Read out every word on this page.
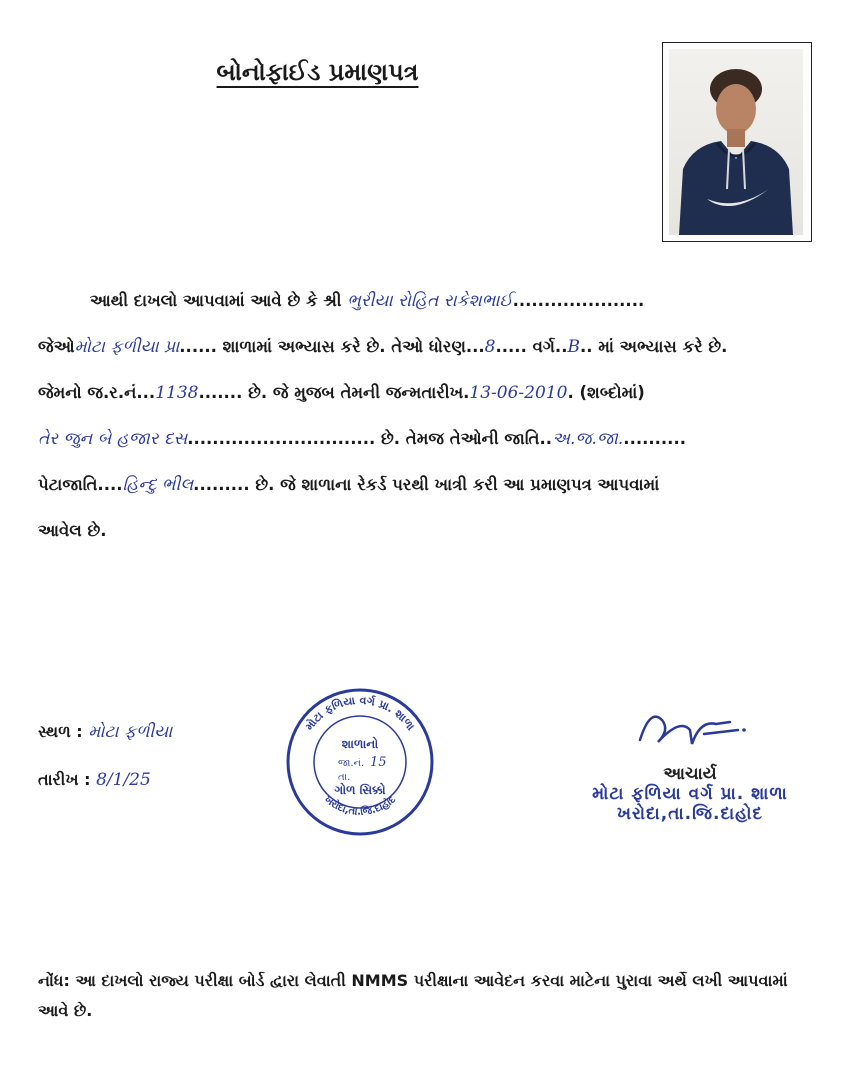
બોનોફાઈડ પ્રમાણપત્ર
આથી દાખલો આપવામાં આવે છે કે શ્રી ભુરીયા રોહિત રાકેશભાઈ.....................
જેઓમોટા ફળીયા પ્રા...... શાળામાં અભ્યાસ કરે છે. તેઓ ધોરણ...8..... વર્ગ..B.. માં અભ્યાસ કરે છે.
જેમનો જ.ર.નં...1138....... છે. જે મુજબ તેમની જન્મતારીખ.13-06-2010. (શબ્દોમાં)
તેર જુન બે હજાર દસ.............................. છે. તેમજ તેઓની જાતિ..અ.જ.જા...........
પેટાજાતિ....હિન્દુ ભીલ......... છે. જે શાળાના રેકર્ડ પરથી ખાત્રી કરી આ પ્રમાણપત્ર આપવામાં
આવેલ છે.
સ્થળ : મોટા ફળીયા
તારીખ : 8/1/25
મોટા ફળિયા વર્ગ પ્રા. શાળા
ખરોદા,તા.જિ.દાહોદ
શાળાનો
જા.નં. 15
તા.
ગોળ સિક્કો
આચાર્ય
મોટા ફળિયા વર્ગ પ્રા. શાળા
ખરોદા,તા.જિ.દાહોદ
નોંધ: આ દાખલો રાજ્ય પરીક્ષા બોર્ડ દ્વારા લેવાતી NMMS પરીક્ષાના આવેદન કરવા માટેના પુરાવા અર્થે લખી આપવામાં આવે છે.
